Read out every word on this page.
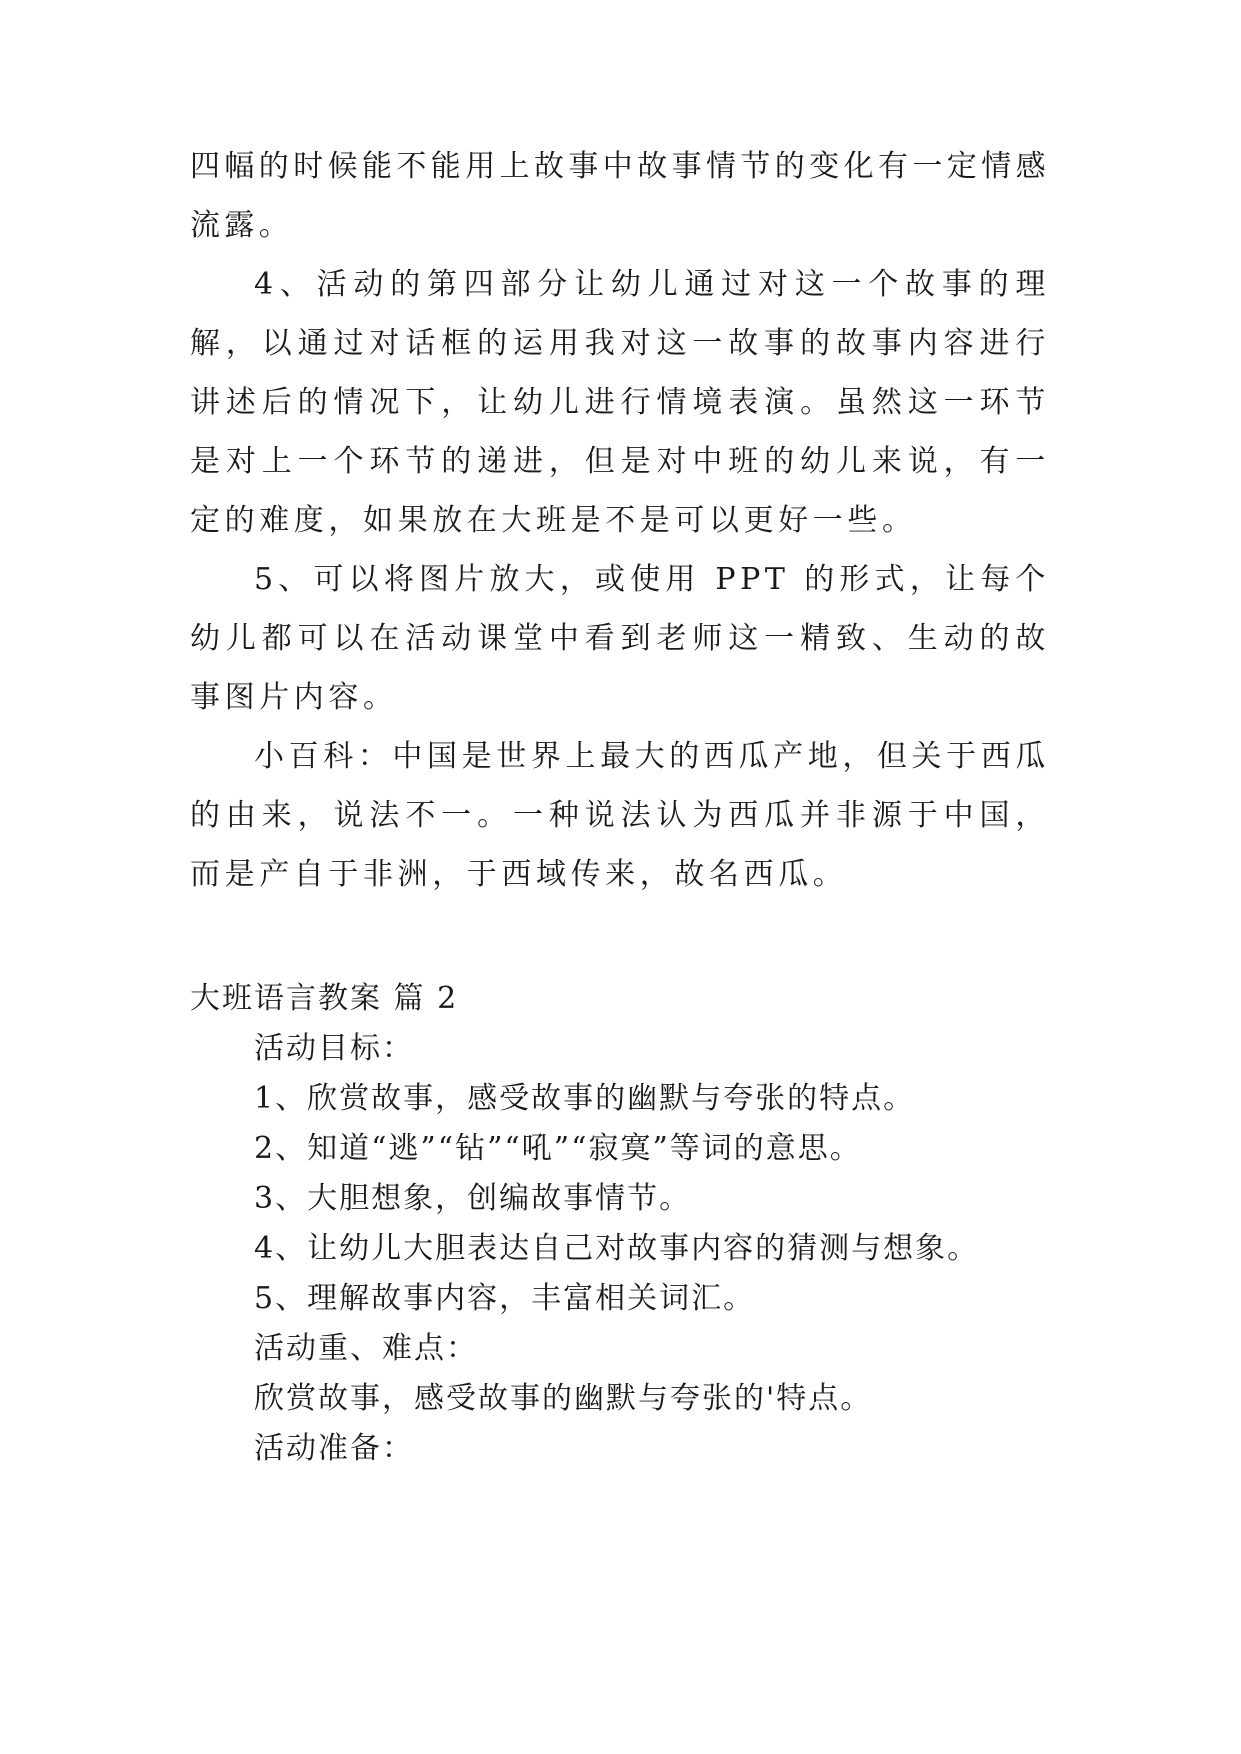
四幅的时候能不能用上故事中故事情节的变化有一定情感流露。

4、活动的第四部分让幼儿通过对这一个故事的理解，以通过对话框的运用我对这一故事的故事内容进行讲述后的情况下，让幼儿进行情境表演。虽然这一环节是对上一个环节的递进，但是对中班的幼儿来说，有一定的难度，如果放在大班是不是可以更好一些。

5、可以将图片放大，或使用 PPT 的形式，让每个幼儿都可以在活动课堂中看到老师这一精致、生动的故事图片内容。

小百科：中国是世界上最大的西瓜产地，但关于西瓜的由来，说法不一。一种说法认为西瓜并非源于中国，而是产自于非洲，于西域传来，故名西瓜。

大班语言教案 篇 2

活动目标：

1、欣赏故事，感受故事的幽默与夸张的特点。

2、知道“逃”“钻”“吼”“寂寞”等词的意思。

3、大胆想象，创编故事情节。

4、让幼儿大胆表达自己对故事内容的猜测与想象。

5、理解故事内容，丰富相关词汇。

活动重、难点：

欣赏故事，感受故事的幽默与夸张的'特点。

活动准备：
